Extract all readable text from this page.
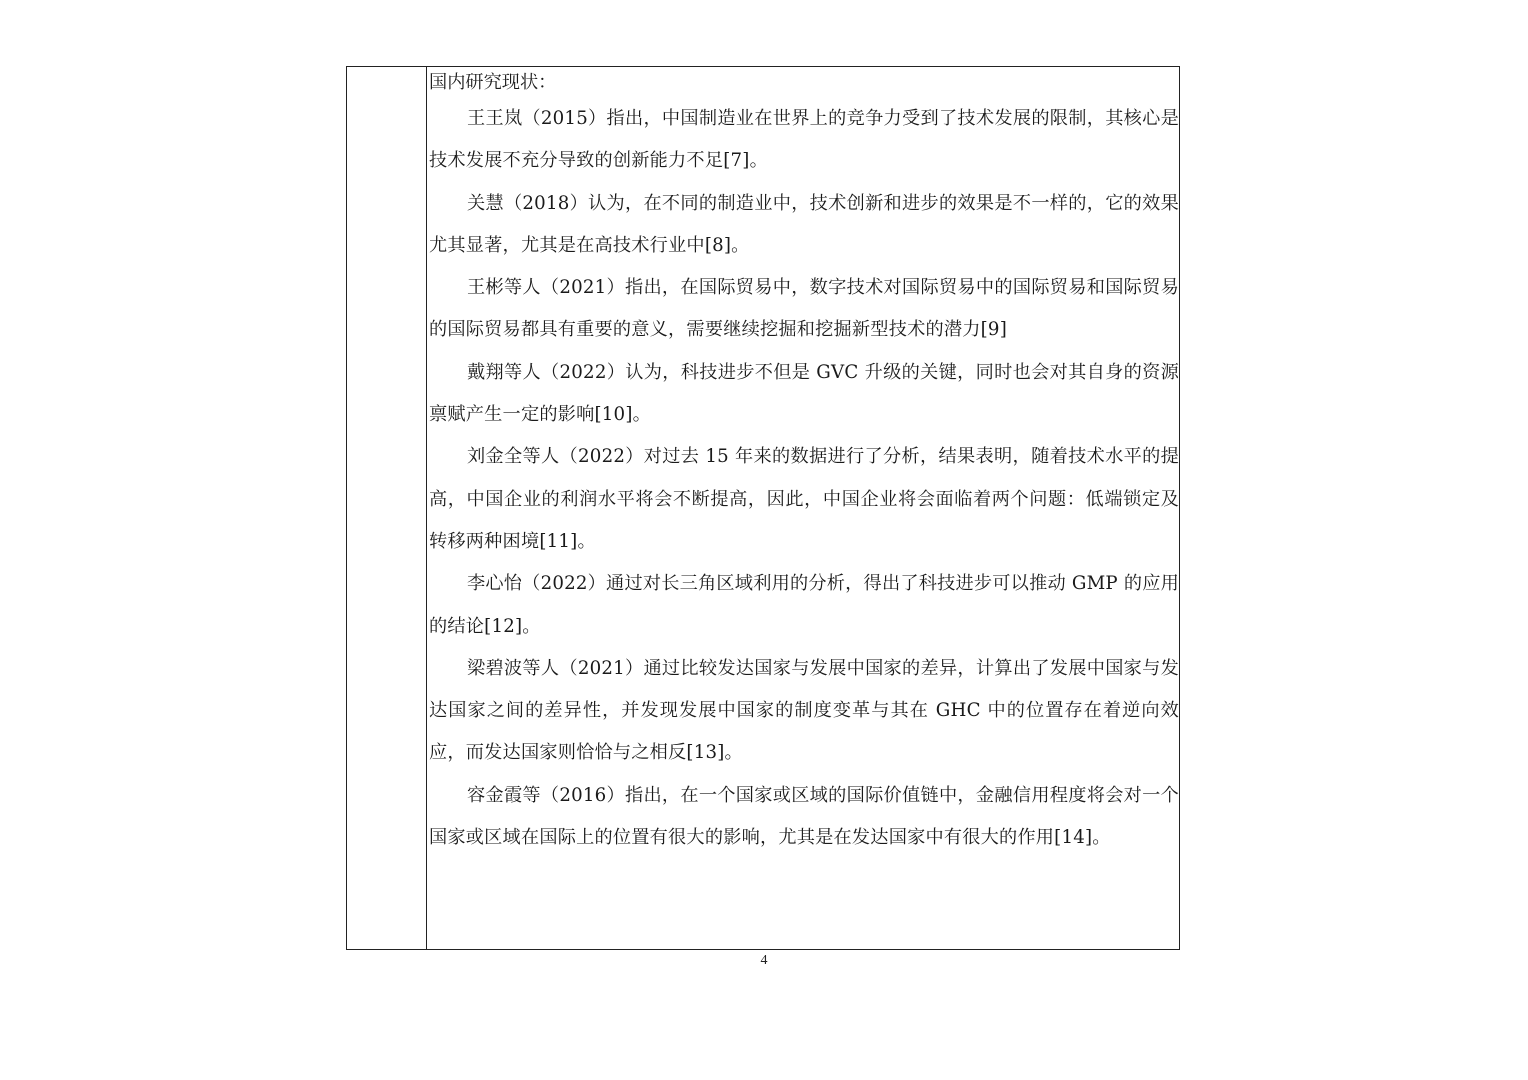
国内研究现状：

王王岚（2015）指出，中国制造业在世界上的竞争力受到了技术发展的限制，其核心是技术发展不充分导致的创新能力不足[7]。

关慧（2018）认为，在不同的制造业中，技术创新和进步的效果是不一样的，它的效果尤其显著，尤其是在高技术行业中[8]。

王彬等人（2021）指出，在国际贸易中，数字技术对国际贸易中的国际贸易和国际贸易的国际贸易都具有重要的意义，需要继续挖掘和挖掘新型技术的潜力[9]

戴翔等人（2022）认为，科技进步不但是 GVC 升级的关键，同时也会对其自身的资源禀赋产生一定的影响[10]。

刘金全等人（2022）对过去 15 年来的数据进行了分析，结果表明，随着技术水平的提高，中国企业的利润水平将会不断提高，因此，中国企业将会面临着两个问题：低端锁定及转移两种困境[11]。

李心怡（2022）通过对长三角区域利用的分析，得出了科技进步可以推动 GMP 的应用的结论[12]。

梁碧波等人（2021）通过比较发达国家与发展中国家的差异，计算出了发展中国家与发达国家之间的差异性，并发现发展中国家的制度变革与其在 GHC 中的位置存在着逆向效应，而发达国家则恰恰与之相反[13]。

容金霞等（2016）指出，在一个国家或区域的国际价值链中，金融信用程度将会对一个国家或区域在国际上的位置有很大的影响，尤其是在发达国家中有很大的作用[14]。

4
